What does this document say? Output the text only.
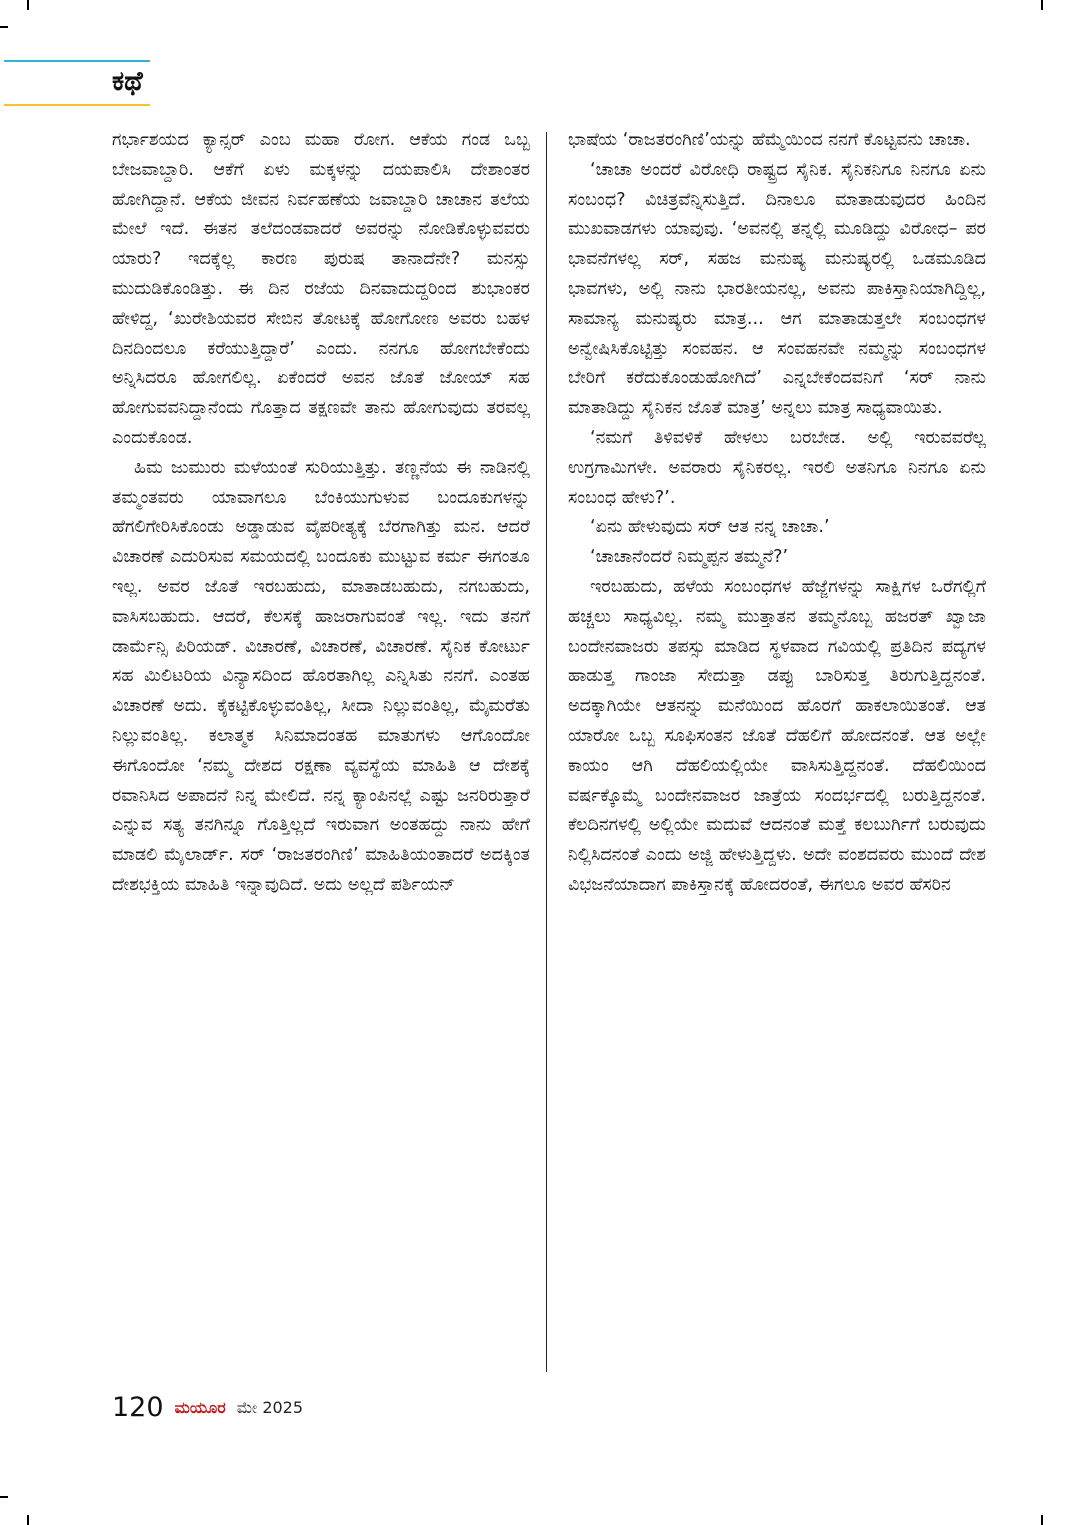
ಕಥೆ

ಗರ್ಭಾಶಯದ ಕ್ಯಾನ್ಸರ್ ಎಂಬ ಮಹಾ ರೋಗ. ಆಕೆಯ ಗಂಡ ಒಬ್ಬ ಬೇಜವಾಬ್ದಾರಿ. ಆಕೆಗೆ ಏಳು ಮಕ್ಕಳನ್ನು ದಯಪಾಲಿಸಿ ದೇಶಾಂತರ ಹೋಗಿದ್ದಾನೆ. ಆಕೆಯ ಜೀವನ ನಿರ್ವಹಣೆಯ ಜವಾಬ್ದಾರಿ ಚಾಚಾನ ತಲೆಯ ಮೇಲೆ ಇದೆ. ಈತನ ತಲೆದಂಡವಾದರೆ ಅವರನ್ನು ನೋಡಿಕೊಳ್ಳುವವರು ಯಾರು? ಇದಕ್ಕೆಲ್ಲ ಕಾರಣ ಪುರುಷ ತಾನಾದೆನೇ? ಮನಸ್ಸು ಮುದುಡಿಕೊಂಡಿತ್ತು. ಈ ದಿನ ರಜೆಯ ದಿನವಾದುದ್ದರಿಂದ ಶುಭಾಂಕರ ಹೇಳಿದ್ದ, ‘ಖುರೇಶಿಯವರ ಸೇಬಿನ ತೋಟಕ್ಕೆ ಹೋಗೋಣ ಅವರು ಬಹಳ ದಿನದಿಂದಲೂ ಕರೆಯುತ್ತಿದ್ದಾರೆ’ ಎಂದು. ನನಗೂ ಹೋಗಬೇಕೆಂದು ಅನ್ನಿಸಿದರೂ ಹೋಗಲಿಲ್ಲ. ಏಕೆಂದರೆ ಅವನ ಜೊತೆ ಜೋಯ್ ಸಹ ಹೋಗುವವನಿದ್ದಾನೆಂದು ಗೊತ್ತಾದ ತಕ್ಷಣವೇ ತಾನು ಹೋಗುವುದು ತರವಲ್ಲ ಎಂದುಕೊಂಡ.

ಹಿಮ ಜುಮುರು ಮಳೆಯಂತೆ ಸುರಿಯುತ್ತಿತ್ತು. ತಣ್ಣನೆಯ ಈ ನಾಡಿನಲ್ಲಿ ತಮ್ಮಂತವರು ಯಾವಾಗಲೂ ಬೆಂಕಿಯುಗುಳುವ ಬಂದೂಕುಗಳನ್ನು ಹೆಗಲಿಗೇರಿಸಿಕೊಂಡು ಅಡ್ಡಾಡುವ ವೈಪರೀತ್ಯಕ್ಕೆ ಬೆರಗಾಗಿತ್ತು ಮನ. ಆದರೆ ವಿಚಾರಣೆ ಎದುರಿಸುವ ಸಮಯದಲ್ಲಿ ಬಂದೂಕು ಮುಟ್ಟುವ ಕರ್ಮ ಈಗಂತೂ ಇಲ್ಲ. ಅವರ ಜೊತೆ ಇರಬಹುದು, ಮಾತಾಡಬಹುದು, ನಗಬಹುದು, ವಾಸಿಸಬಹುದು. ಆದರೆ, ಕೆಲಸಕ್ಕೆ ಹಾಜರಾಗುವಂತೆ ಇಲ್ಲ. ಇದು ತನಗೆ ಡಾರ್ಮೆನ್ಸಿ ಪಿರಿಯಡ್. ವಿಚಾರಣೆ, ವಿಚಾರಣೆ, ವಿಚಾರಣೆ. ಸೈನಿಕ ಕೋರ್ಟು ಸಹ ಮಿಲಿಟರಿಯ ವಿನ್ಯಾಸದಿಂದ ಹೊರತಾಗಿಲ್ಲ ಎನ್ನಿಸಿತು ನನಗೆ. ಎಂತಹ ವಿಚಾರಣೆ ಅದು. ಕೈಕಟ್ಟಿಕೊಳ್ಳುವಂತಿಲ್ಲ, ಸೀದಾ ನಿಲ್ಲುವಂತಿಲ್ಲ, ಮೈಮರೆತು ನಿಲ್ಲುವಂತಿಲ್ಲ. ಕಲಾತ್ಮಕ ಸಿನಿಮಾದಂತಹ ಮಾತುಗಳು ಆಗೊಂದೋ ಈಗೊಂದೋ ‘ನಮ್ಮ ದೇಶದ ರಕ್ಷಣಾ ವ್ಯವಸ್ಥೆಯ ಮಾಹಿತಿ ಆ ದೇಶಕ್ಕೆ ರವಾನಿಸಿದ ಅಪಾದನೆ ನಿನ್ನ ಮೇಲಿದೆ. ನನ್ನ ಕ್ಯಾಂಪಿನಲ್ಲೆ ಎಷ್ಟು ಜನರಿರುತ್ತಾರೆ ಎನ್ನುವ ಸತ್ಯ ತನಗಿನ್ನೂ ಗೊತ್ತಿಲ್ಲದೆ ಇರುವಾಗ ಅಂತಹದ್ದು ನಾನು ಹೇಗೆ ಮಾಡಲಿ ಮೈಲಾರ್ಡ್. ಸರ್ ‘ರಾಜತರಂಗಿಣಿ’ ಮಾಹಿತಿಯಂತಾದರೆ ಅದಕ್ಕಿಂತ ದೇಶಭಕ್ತಿಯ ಮಾಹಿತಿ ಇನ್ನಾವುದಿದೆ. ಅದು ಅಲ್ಲದೆ ಪರ್ಶಿಯನ್

ಭಾಷೆಯ ‘ರಾಜತರಂಗಿಣಿ’ಯನ್ನು ಹೆಮ್ಮೆಯಿಂದ ನನಗೆ ಕೊಟ್ಟವನು ಚಾಚಾ.

‘ಚಾಚಾ ಅಂದರೆ ವಿರೋಧಿ ರಾಷ್ಟ್ರದ ಸೈನಿಕ. ಸೈನಿಕನಿಗೂ ನಿನಗೂ ಏನು ಸಂಬಂಧ? ವಿಚಿತ್ರವೆನ್ನಿಸುತ್ತಿದೆ. ದಿನಾಲೂ ಮಾತಾಡುವುದರ ಹಿಂದಿನ ಮುಖವಾಡಗಳು ಯಾವುವು. ‘ಅವನಲ್ಲಿ ತನ್ನಲ್ಲಿ ಮೂಡಿದ್ದು ವಿರೋಧ– ಪರ ಭಾವನೆಗಳಲ್ಲ ಸರ್, ಸಹಜ ಮನುಷ್ಯ ಮನುಷ್ಯರಲ್ಲಿ ಒಡಮೂಡಿದ ಭಾವಗಳು, ಅಲ್ಲಿ ನಾನು ಭಾರತೀಯನಲ್ಲ, ಅವನು ಪಾಕಿಸ್ತಾನಿಯಾಗಿದ್ದಿಲ್ಲ, ಸಾಮಾನ್ಯ ಮನುಷ್ಯರು ಮಾತ್ರ... ಆಗ ಮಾತಾಡುತ್ತಲೇ ಸಂಬಂಧಗಳ ಅನ್ವೇಷಿಸಿಕೊಟ್ಟಿತ್ತು ಸಂವಹನ. ಆ ಸಂವಹನವೇ ನಮ್ಮನ್ನು ಸಂಬಂಧಗಳ ಬೇರಿಗೆ ಕರೆದುಕೊಂಡುಹೋಗಿದೆ’ ಎನ್ನಬೇಕೆಂದವನಿಗೆ ‘ಸರ್ ನಾನು ಮಾತಾಡಿದ್ದು ಸೈನಿಕನ ಜೊತೆ ಮಾತ್ರ’ ಅನ್ನಲು ಮಾತ್ರ ಸಾಧ್ಯವಾಯಿತು.

‘ನಮಗೆ ತಿಳಿವಳಿಕೆ ಹೇಳಲು ಬರಬೇಡ. ಅಲ್ಲಿ ಇರುವವರೆಲ್ಲ ಉಗ್ರಗಾಮಿಗಳೇ. ಅವರಾರು ಸೈನಿಕರಲ್ಲ. ಇರಲಿ ಅತನಿಗೂ ನಿನಗೂ ಏನು ಸಂಬಂಧ ಹೇಳು?’.

‘ಏನು ಹೇಳುವುದು ಸರ್ ಆತ ನನ್ನ ಚಾಚಾ.’

‘ಚಾಚಾನೆಂದರೆ ನಿಮ್ಮಪ್ಪನ ತಮ್ಮನೆ?’

ಇರಬಹುದು, ಹಳೆಯ ಸಂಬಂಧಗಳ ಹೆಜ್ಜೆಗಳನ್ನು ಸಾಕ್ಷಿಗಳ ಒರೆಗಲ್ಲಿಗೆ ಹಚ್ಚಲು ಸಾಧ್ಯವಿಲ್ಲ. ನಮ್ಮ ಮುತ್ತಾತನ ತಮ್ಮನೊಬ್ಬ ಹಜರತ್ ಖ್ವಾಜಾ ಬಂದೇನವಾಜರು ತಪಸ್ಸು ಮಾಡಿದ ಸ್ಥಳವಾದ ಗವಿಯಲ್ಲಿ ಪ್ರತಿದಿನ ಪದ್ಯಗಳ ಹಾಡುತ್ತ ಗಾಂಜಾ ಸೇದುತ್ತಾ ಡಪ್ಪು ಬಾರಿಸುತ್ತ ತಿರುಗುತ್ತಿದ್ದನಂತೆ. ಅದಕ್ಕಾಗಿಯೇ ಆತನನ್ನು ಮನೆಯಿಂದ ಹೊರಗೆ ಹಾಕಲಾಯಿತಂತೆ. ಆತ ಯಾರೋ ಒಬ್ಬ ಸೂಫಿಸಂತನ ಜೊತೆ ದೆಹಲಿಗೆ ಹೋದನಂತೆ. ಆತ ಅಲ್ಲೇ ಕಾಯಂ ಆಗಿ ದೆಹಲಿಯಲ್ಲಿಯೇ ವಾಸಿಸುತ್ತಿದ್ದನಂತೆ. ದೆಹಲಿಯಿಂದ ವರ್ಷಕ್ಕೊಮ್ಮೆ ಬಂದೇನವಾಜರ ಜಾತ್ರೆಯ ಸಂದರ್ಭದಲ್ಲಿ ಬರುತ್ತಿದ್ದನಂತೆ. ಕೆಲದಿನಗಳಲ್ಲಿ ಅಲ್ಲಿಯೇ ಮದುವೆ ಆದನಂತೆ ಮತ್ತೆ ಕಲಬುರ್ಗಿಗೆ ಬರುವುದು ನಿಲ್ಲಿಸಿದನಂತೆ ಎಂದು ಅಜ್ಜಿ ಹೇಳುತ್ತಿದ್ದಳು. ಅದೇ ವಂಶದವರು ಮುಂದೆ ದೇಶ ವಿಭಜನೆಯಾದಾಗ ಪಾಕಿಸ್ತಾನಕ್ಕೆ ಹೋದರಂತೆ, ಈಗಲೂ ಅವರ ಹೆಸರಿನ

120 ಮಯೂರ ಮೇ 2025
